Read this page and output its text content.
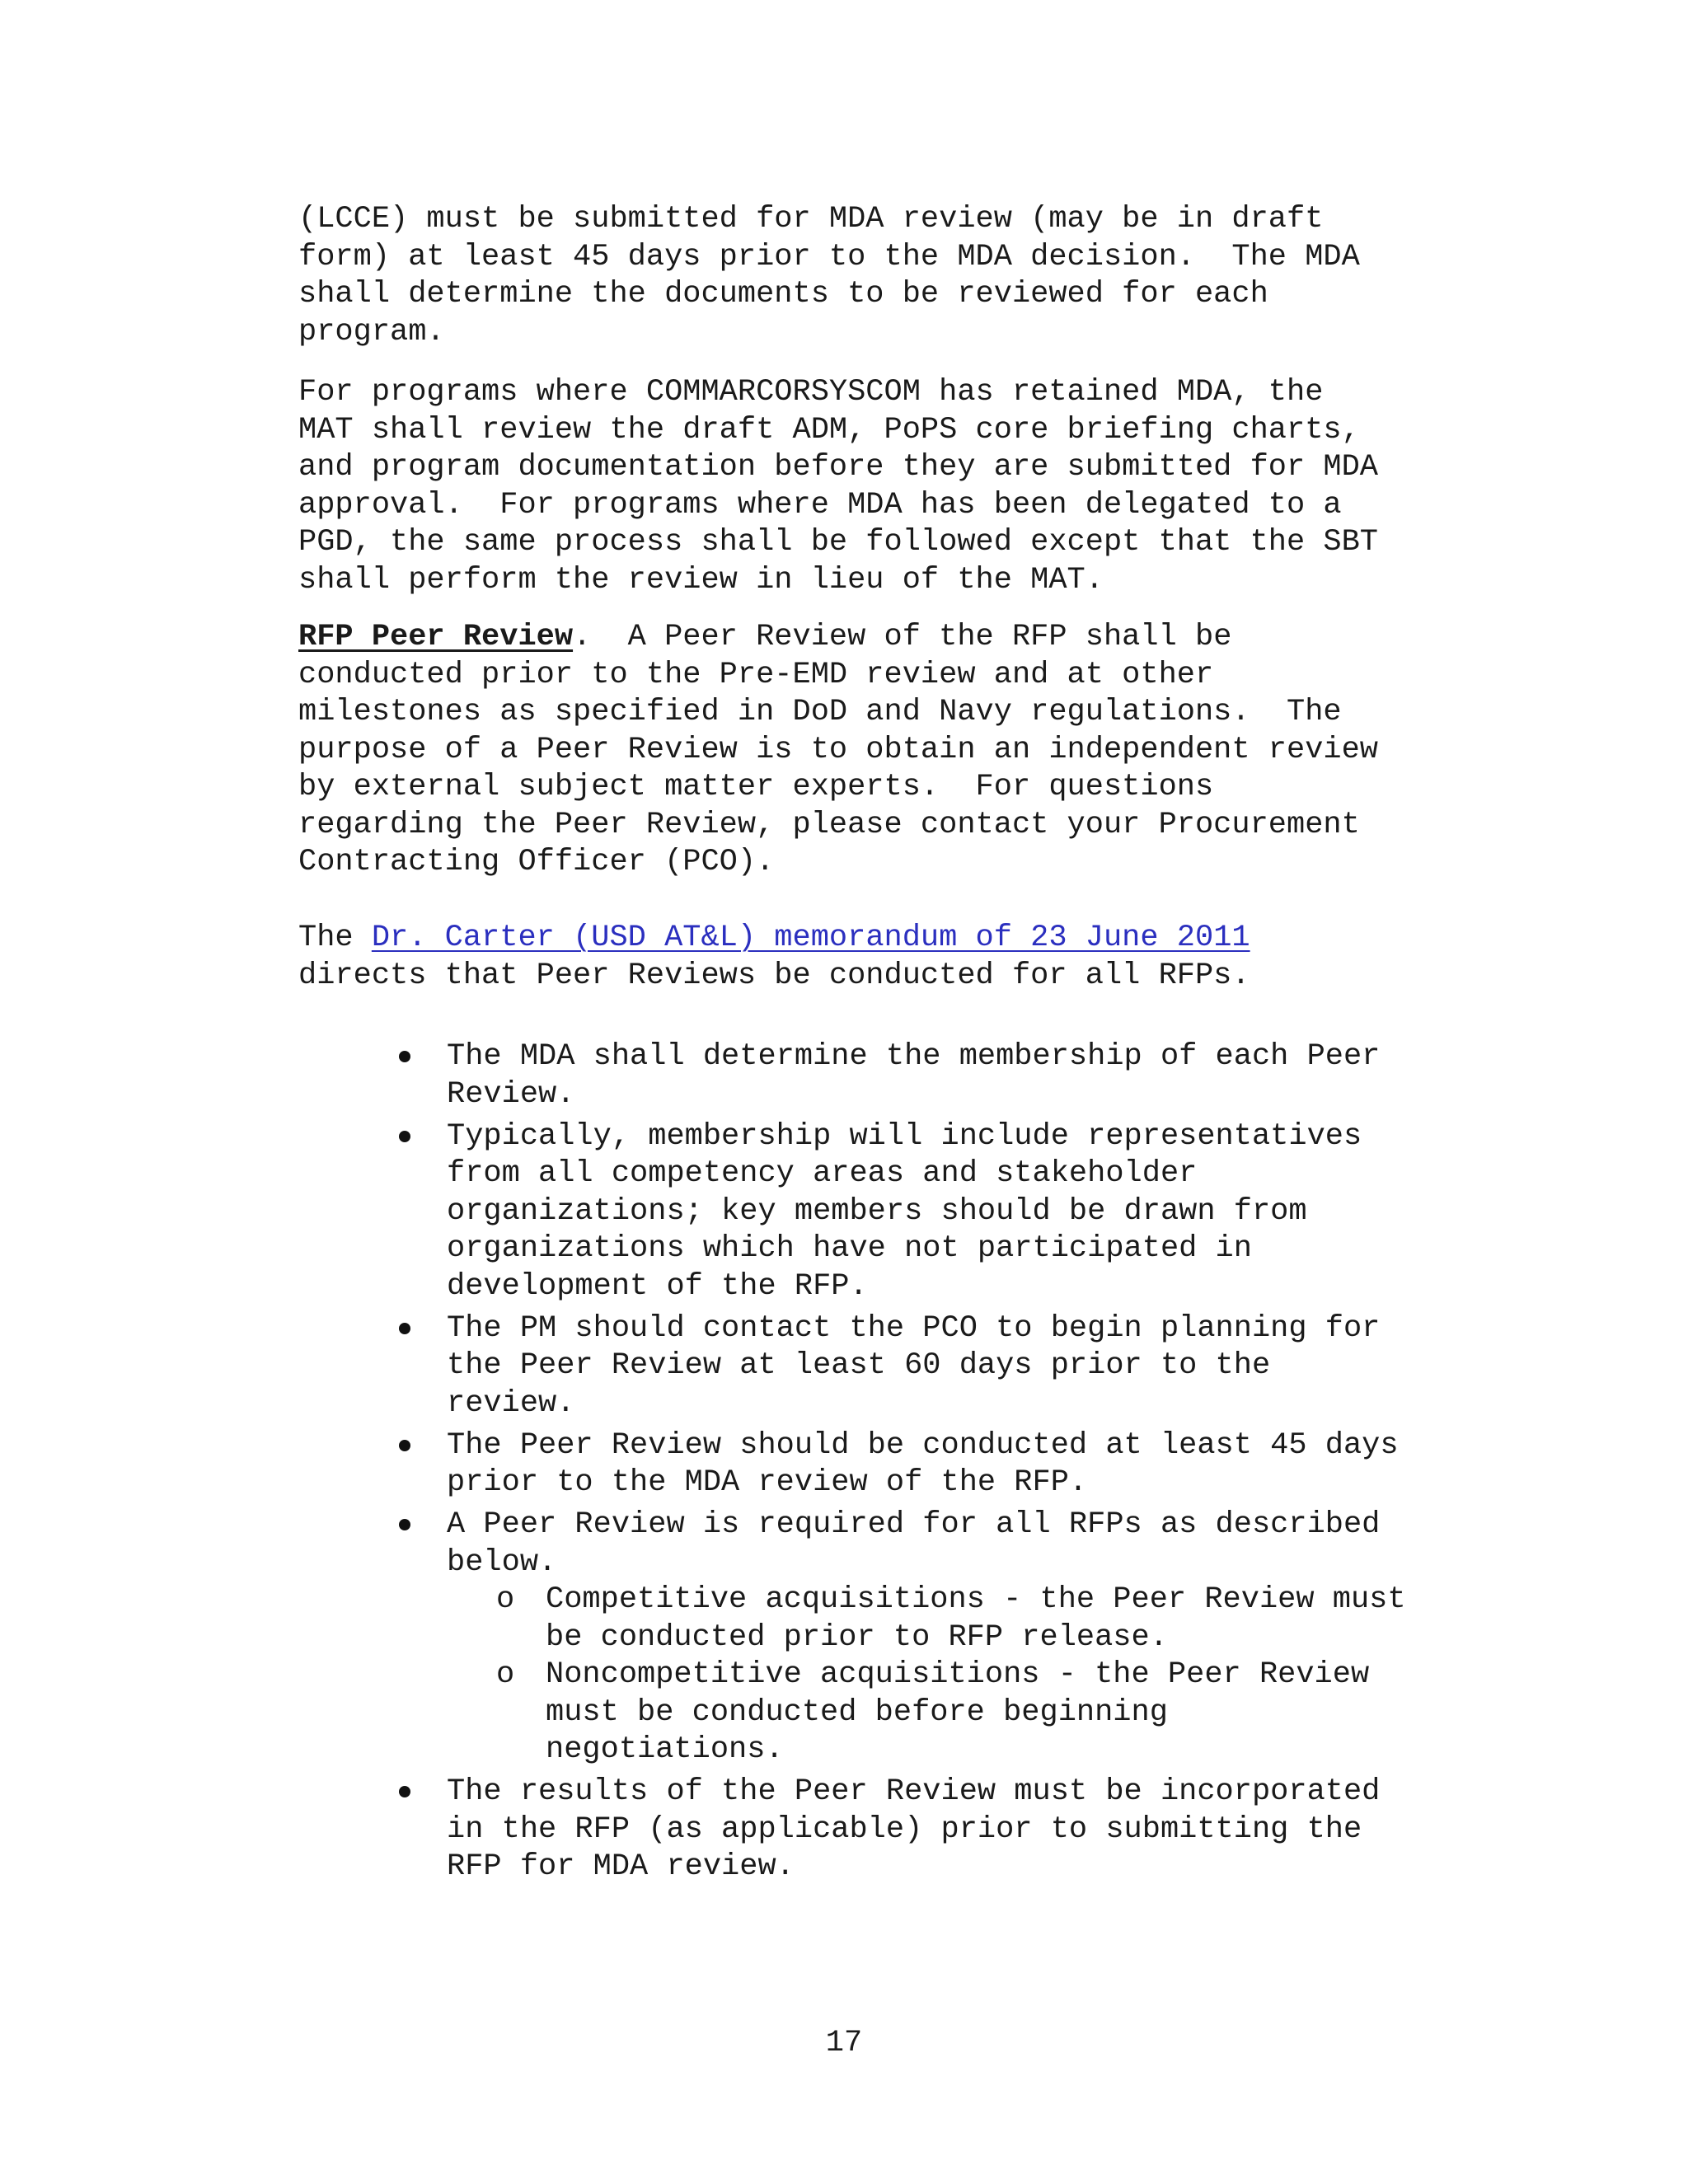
(LCCE) must be submitted for MDA review (may be in draft
form) at least 45 days prior to the MDA decision.  The MDA
shall determine the documents to be reviewed for each
program.

For programs where COMMARCORSYSCOM has retained MDA, the
MAT shall review the draft ADM, PoPS core briefing charts,
and program documentation before they are submitted for MDA
approval.  For programs where MDA has been delegated to a
PGD, the same process shall be followed except that the SBT
shall perform the review in lieu of the MAT.

RFP Peer Review.  A Peer Review of the RFP shall be
conducted prior to the Pre-EMD review and at other
milestones as specified in DoD and Navy regulations.  The
purpose of a Peer Review is to obtain an independent review
by external subject matter experts.  For questions
regarding the Peer Review, please contact your Procurement
Contracting Officer (PCO).

The Dr. Carter (USD AT&L) memorandum of 23 June 2011
directs that Peer Reviews be conducted for all RFPs.

The MDA shall determine the membership of each Peer
Review.
Typically, membership will include representatives
from all competency areas and stakeholder
organizations; key members should be drawn from
organizations which have not participated in
development of the RFP.
The PM should contact the PCO to begin planning for
the Peer Review at least 60 days prior to the
review.
The Peer Review should be conducted at least 45 days
prior to the MDA review of the RFP.
A Peer Review is required for all RFPs as described
below.
o Competitive acquisitions - the Peer Review must
be conducted prior to RFP release.
o Noncompetitive acquisitions - the Peer Review
must be conducted before beginning
negotiations.
The results of the Peer Review must be incorporated
in the RFP (as applicable) prior to submitting the
RFP for MDA review.
17
